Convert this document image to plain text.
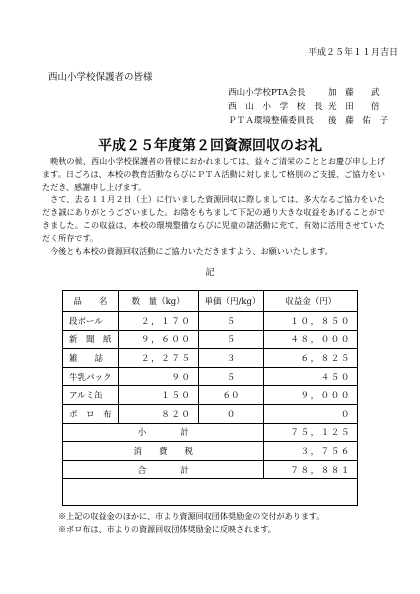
平成２５年１１月吉日
西山小学校保護者の皆様
西山小学校PTA会長	加　藤　　武
西　山　小　学　校　長 光　田　　倍
ＰＴＡ環境整備委員長	後　藤　佑　子
平成２５年度第２回資源回収のお礼

晩秋の候、西山小学校保護者の皆様におかれましては、益々ご清栄のこととお慶び申し上げます。日ごろは、本校の教育活動ならびにＰＴＡ活動に対しまして格別のご支援、ご協力をいただき、感謝申し上げます。

さて、去る１１月２日（土）に行いました資源回収に際しましては、多大なるご協力をいただき誠にありがとうございました。お陰をもちまして下記の通り大きな収益をあげることができました。この収益は、本校の環境整備ならびに児童の諸活動に充て、有効に活用させていただく所存です。

今後とも本校の資源回収活動にご協力いただきますよう、お願いいたします。

記
品　　名	数　量（kg）	単価（円/kg）	収益金（円）
段ボール	２，１７０	５	１０，８５０
新　聞　紙	９，６００	５	４８，０００
雑　　誌	２，２７５	３	６，８２５
牛乳パック	９０	５	４５０
アルミ缶	１５０	６０	９，０００
ボ　ロ　布	８２０	０	０
小　　　　計			７５，１２５
消　　費　　税			３，７５６
合　　　　計			７８，８８１
※上記の収益金のほかに、市より資源回収団体奨励金の交付があります。
※ボロ布は、市よりの資源回収団体奨励金に反映されます。
